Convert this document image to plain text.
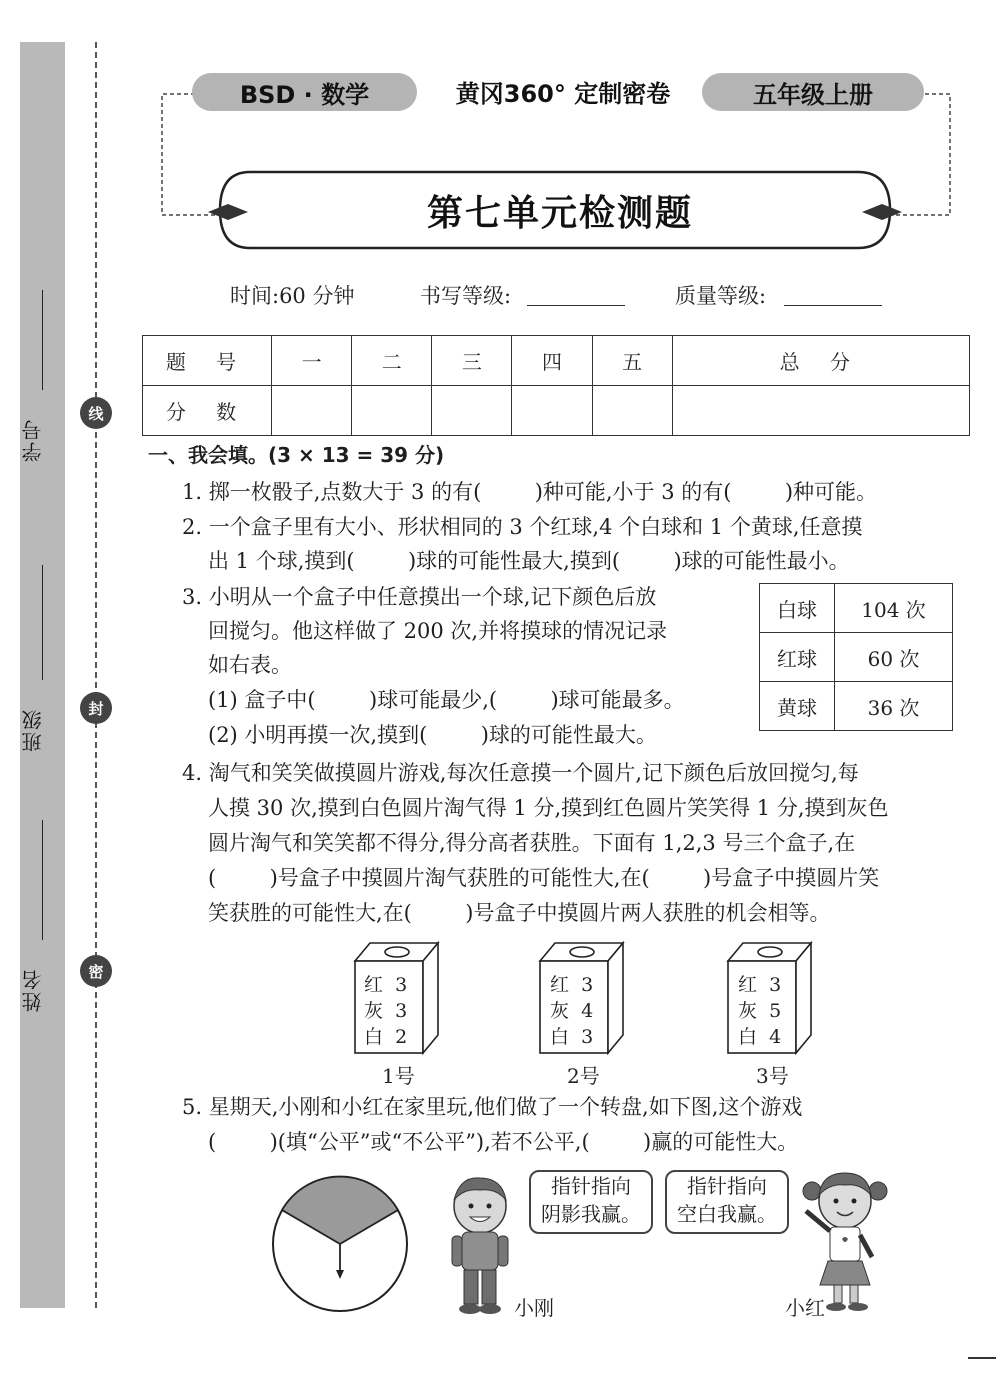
学号
班级
姓名
线
封
密
BSD · 数学	黄冈360° 定制密卷	五年级上册
第七单元检测题
时间:60 分钟	书写等级:	质量等级:
题 号	一	二	三	四	五	总 分
分 数						
一、我会填。(3 × 13 = 39 分)
1. 掷一枚骰子,点数大于 3 的有(        )种可能,小于 3 的有(        )种可能。
2. 一个盒子里有大小、形状相同的 3 个红球,4 个白球和 1 个黄球,任意摸
出 1 个球,摸到(        )球的可能性最大,摸到(        )球的可能性最小。
3. 小明从一个盒子中任意摸出一个球,记下颜色后放
回搅匀。他这样做了 200 次,并将摸球的情况记录
如右表。
(1) 盒子中(        )球可能最少,(        )球可能最多。
(2) 小明再摸一次,摸到(        )球的可能性最大。
白球	104 次
红球	60 次
黄球	36 次
4. 淘气和笑笑做摸圆片游戏,每次任意摸一个圆片,记下颜色后放回搅匀,每
人摸 30 次,摸到白色圆片淘气得 1 分,摸到红色圆片笑笑得 1 分,摸到灰色
圆片淘气和笑笑都不得分,得分高者获胜。下面有 1,2,3 号三个盒子,在
(        )号盒子中摸圆片淘气获胜的可能性大,在(        )号盒子中摸圆片笑
笑获胜的可能性大,在(        )号盒子中摸圆片两人获胜的机会相等。
红  3
灰  3
白  2
1号
红  3
灰  4
白  3
2号
红  3
灰  5
白  4
3号
5. 星期天,小刚和小红在家里玩,他们做了一个转盘,如下图,这个游戏
(        )(填“公平”或“不公平”),若不公平,(        )赢的可能性大。
指针指向
阴影我赢。
指针指向
空白我赢。
小刚	小红
